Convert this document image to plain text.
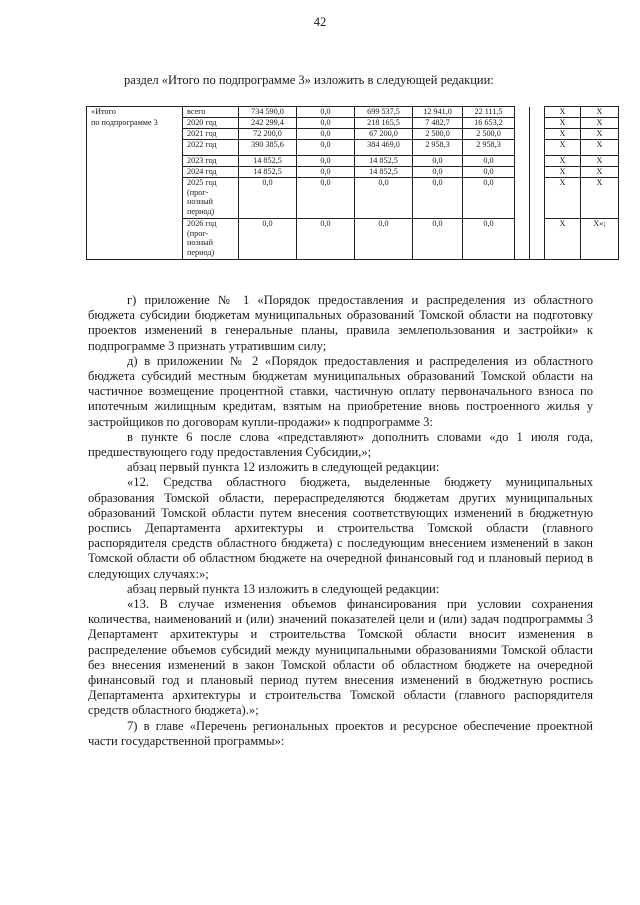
42
раздел «Итого по подпрограмме 3» изложить в следующей редакции:
«Итого
по подпрограмме 3	всего	734 590,0	0,0	699 537,5	12 941,0	22 111,5			Х	Х
	2020 год	242 299,4	0,0	218 165,5	7 482,7	16 653,2			Х	Х
	2021 год	72 200,0	0,0	67 200,0	2 500,0	2 500,0			Х	Х
	2022 год	390 385,6	0,0	384 469,0	2 958,3	2 958,3			Х	Х
	2023 год	14 852,5	0,0	14 852,5	0,0	0,0			Х	Х
	2024 год	14 852,5	0,0	14 852,5	0,0	0,0			Х	Х

	2025 год
(прог-
нозный
период)	0,0	0,0	0,0	0,0	0,0			Х	Х

	2026 год
(прог-
нозный
период)	0,0	0,0	0,0	0,0	0,0			Х	Х»;

г) приложение № 1 «Порядок предоставления и распределения из областного бюджета субсидии бюджетам муниципальных образований Томской области на подготовку проектов изменений в генеральные планы, правила землепользования и застройки» к подпрограмме 3 признать утратившим силу;

д) в приложении № 2 «Порядок предоставления и распределения из областного бюджета субсидий местным бюджетам муниципальных образований Томской области на частичное возмещение процентной ставки, частичную оплату первоначального взноса по ипотечным жилищным кредитам, взятым на приобретение вновь построенного жилья у застройщиков по договорам купли-продажи» к подпрограмме 3:

в пункте 6 после слова «представляют» дополнить словами «до 1 июля года, предшествующего году предоставления Субсидии,»;

абзац первый пункта 12 изложить в следующей редакции:

«12. Средства областного бюджета, выделенные бюджету муниципальных образования Томской области, перераспределяются бюджетам других муниципальных образований Томской области путем внесения соответствующих изменений в бюджетную роспись Департамента архитектуры и строительства Томской области (главного распорядителя средств областного бюджета) с последующим внесением изменений в закон Томской области об областном бюджете на очередной финансовый год и плановый период в следующих случаях:»;

абзац первый пункта 13 изложить в следующей редакции:

«13. В случае изменения объемов финансирования при условии сохранения количества, наименований и (или) значений показателей цели и (или) задач подпрограммы 3 Департамент архитектуры и строительства Томской области вносит изменения в распределение объемов субсидий между муниципальными образованиями Томской области без внесения изменений в закон Томской области об областном бюджете на очередной финансовый год и плановый период путем внесения изменений в бюджетную роспись Департамента архитектуры и строительства Томской области (главного распорядителя средств областного бюджета).»;

7) в главе «Перечень региональных проектов и ресурсное обеспечение проектной части государственной программы»:
